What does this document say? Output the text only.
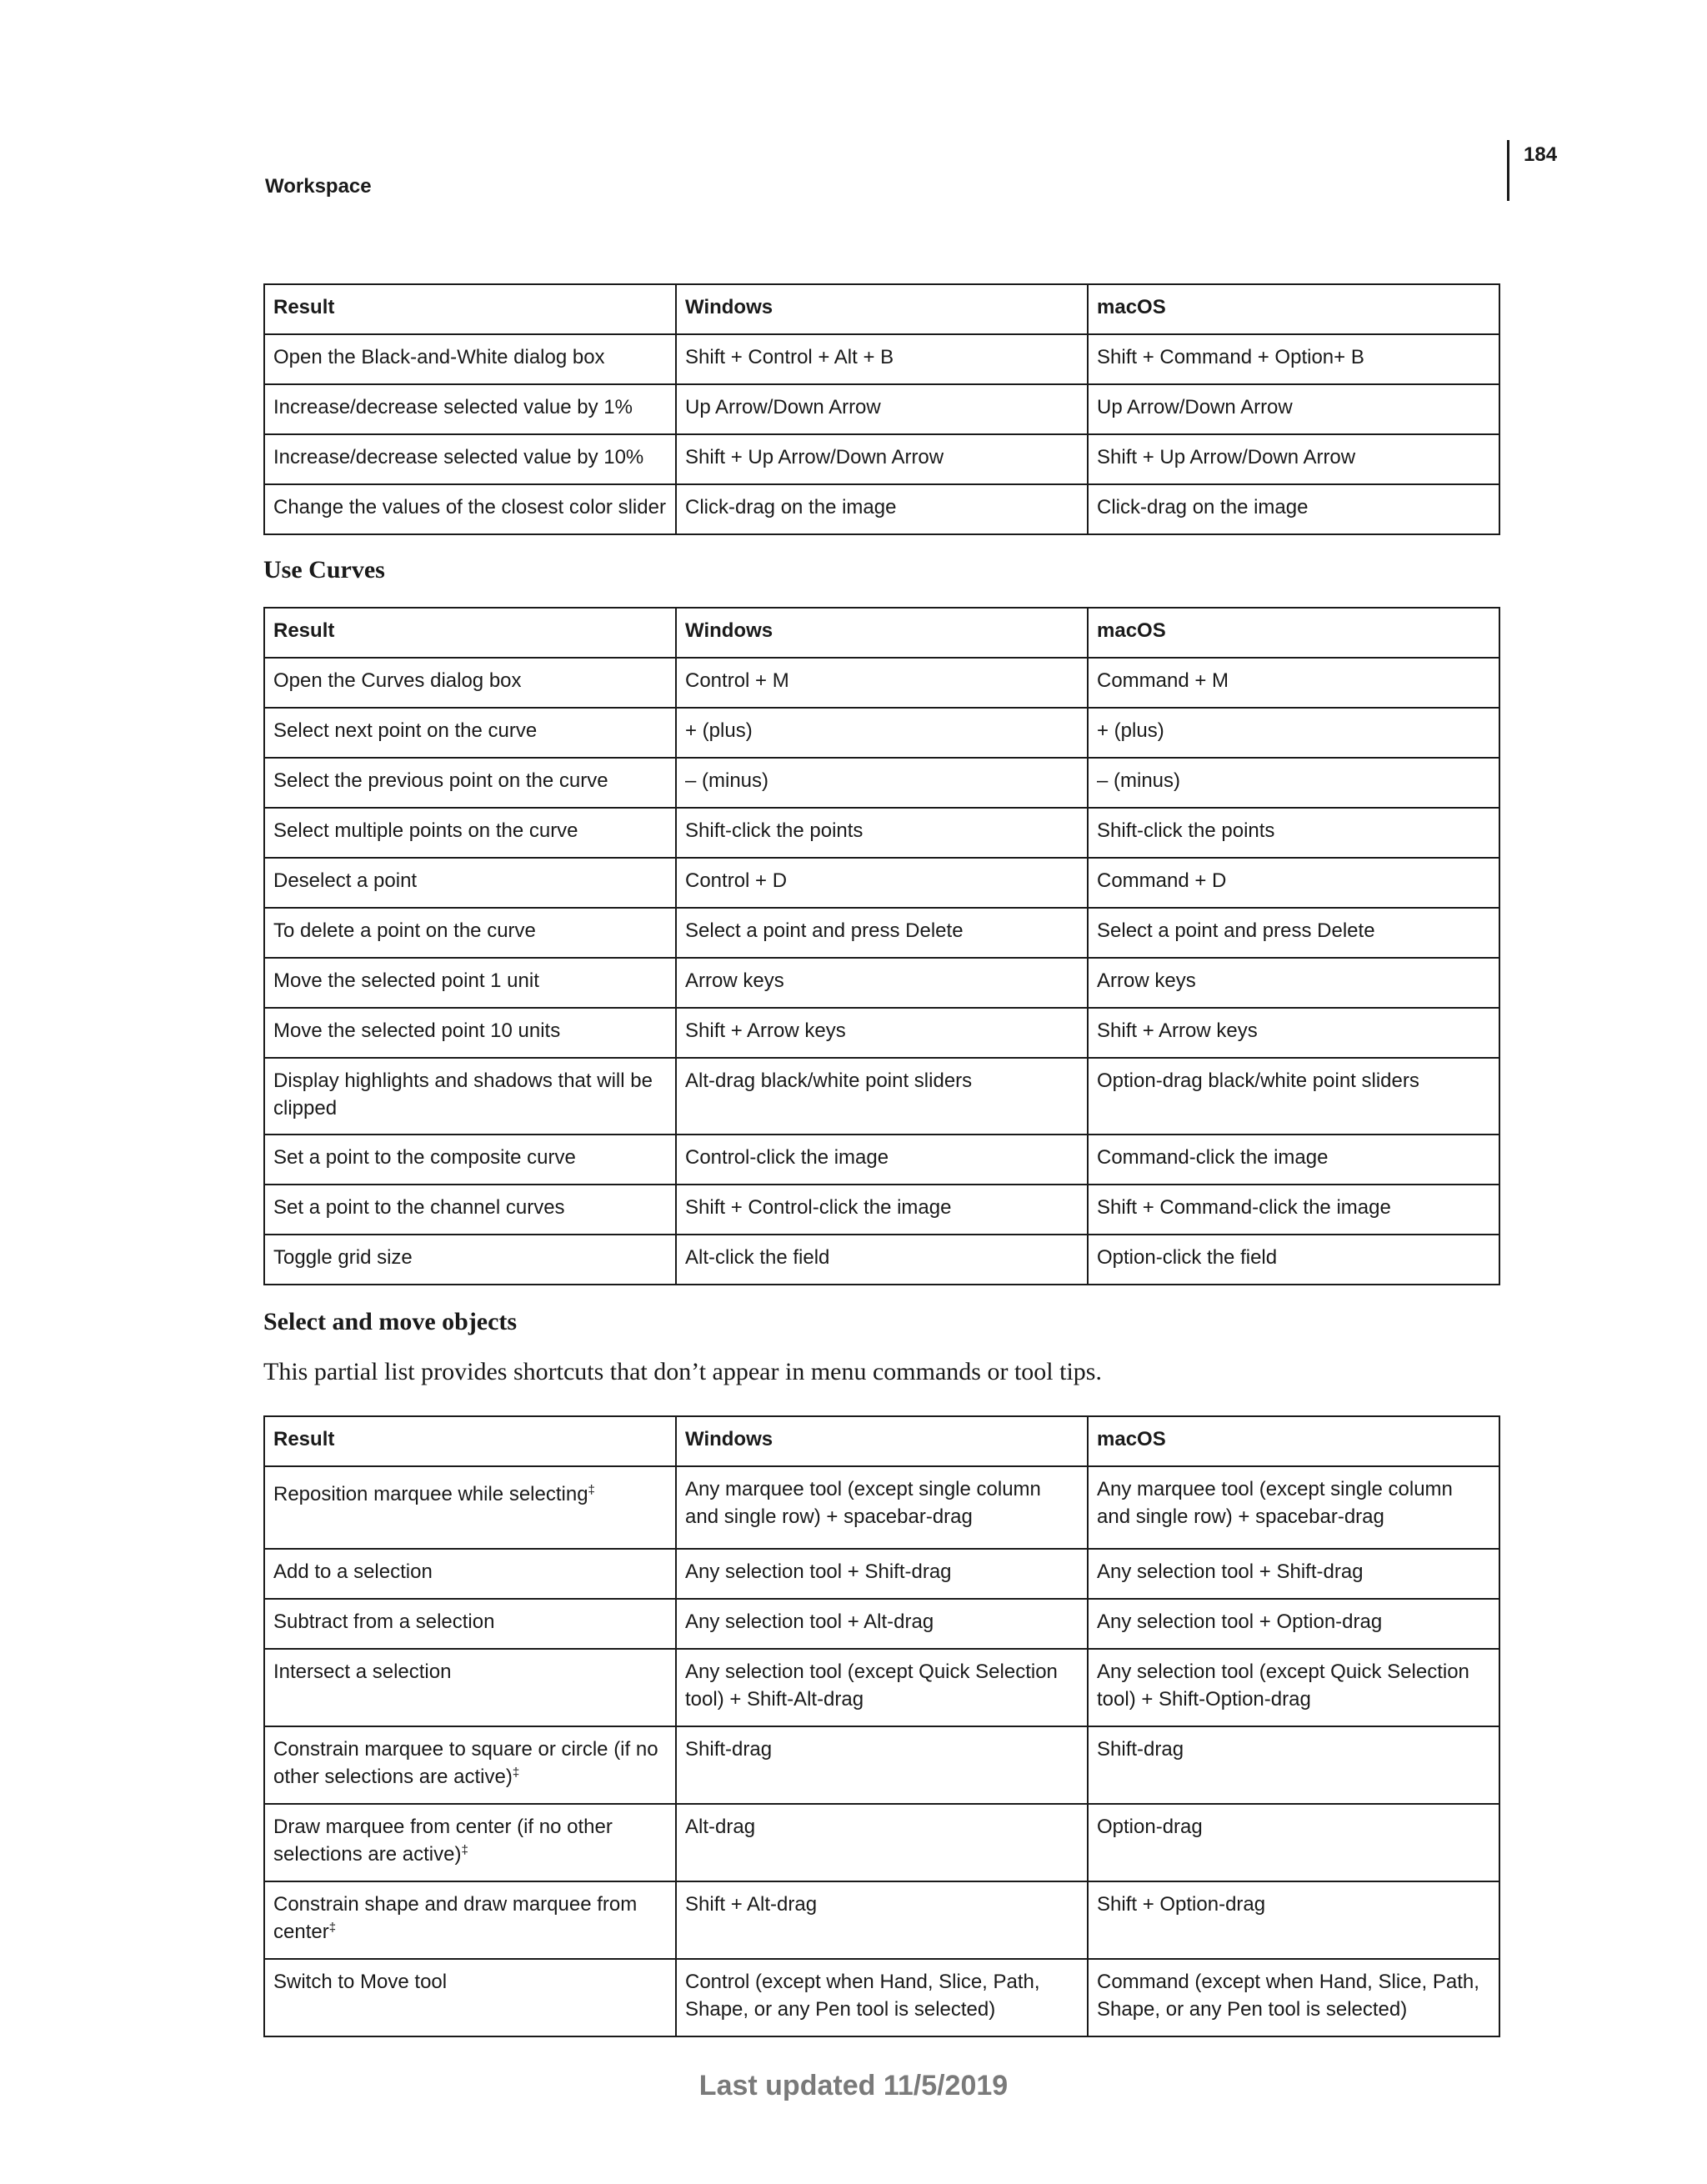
184
Workspace
Result	Windows	macOS
Open the Black-and-White dialog box	Shift + Control + Alt + B	Shift + Command + Option+ B
Increase/decrease selected value by 1%	Up Arrow/Down Arrow	Up Arrow/Down Arrow
Increase/decrease selected value by 10%	Shift + Up Arrow/Down Arrow	Shift + Up Arrow/Down Arrow
Change the values of the closest color slider	Click-drag on the image	Click-drag on the image
Use Curves
Result	Windows	macOS
Open the Curves dialog box	Control + M	Command + M
Select next point on the curve	+ (plus)	+ (plus)
Select the previous point on the curve	– (minus)	– (minus)
Select multiple points on the curve	Shift-click the points	Shift-click the points
Deselect a point	Control + D	Command + D
To delete a point on the curve	Select a point and press Delete	Select a point and press Delete
Move the selected point 1 unit	Arrow keys	Arrow keys
Move the selected point 10 units	Shift + Arrow keys	Shift + Arrow keys
Display highlights and shadows that will be clipped	Alt-drag black/white point sliders	Option-drag black/white point sliders
Set a point to the composite curve	Control-click the image	Command-click the image
Set a point to the channel curves	Shift + Control-click the image	Shift + Command-click the image
Toggle grid size	Alt-click the field	Option-click the field
Select and move objects

This partial list provides shortcuts that don’t appear in menu commands or tool tips.

Result	Windows	macOS
Reposition marquee while selecting‡	Any marquee tool (except single column and single row) + spacebar-drag	Any marquee tool (except single column and single row) + spacebar-drag
Add to a selection	Any selection tool + Shift-drag	Any selection tool + Shift-drag
Subtract from a selection	Any selection tool + Alt-drag	Any selection tool + Option-drag
Intersect a selection	Any selection tool (except Quick Selection tool) + Shift-Alt-drag	Any selection tool (except Quick Selection tool) + Shift-Option-drag
Constrain marquee to square or circle (if no other selections are active)‡	Shift-drag	Shift-drag
Draw marquee from center (if no other selections are active)‡	Alt-drag	Option-drag
Constrain shape and draw marquee from center‡	Shift + Alt-drag	Shift + Option-drag
Switch to Move tool	Control (except when Hand, Slice, Path, Shape, or any Pen tool is selected)	Command (except when Hand, Slice, Path, Shape, or any Pen tool is selected)
Last updated 11/5/2019
